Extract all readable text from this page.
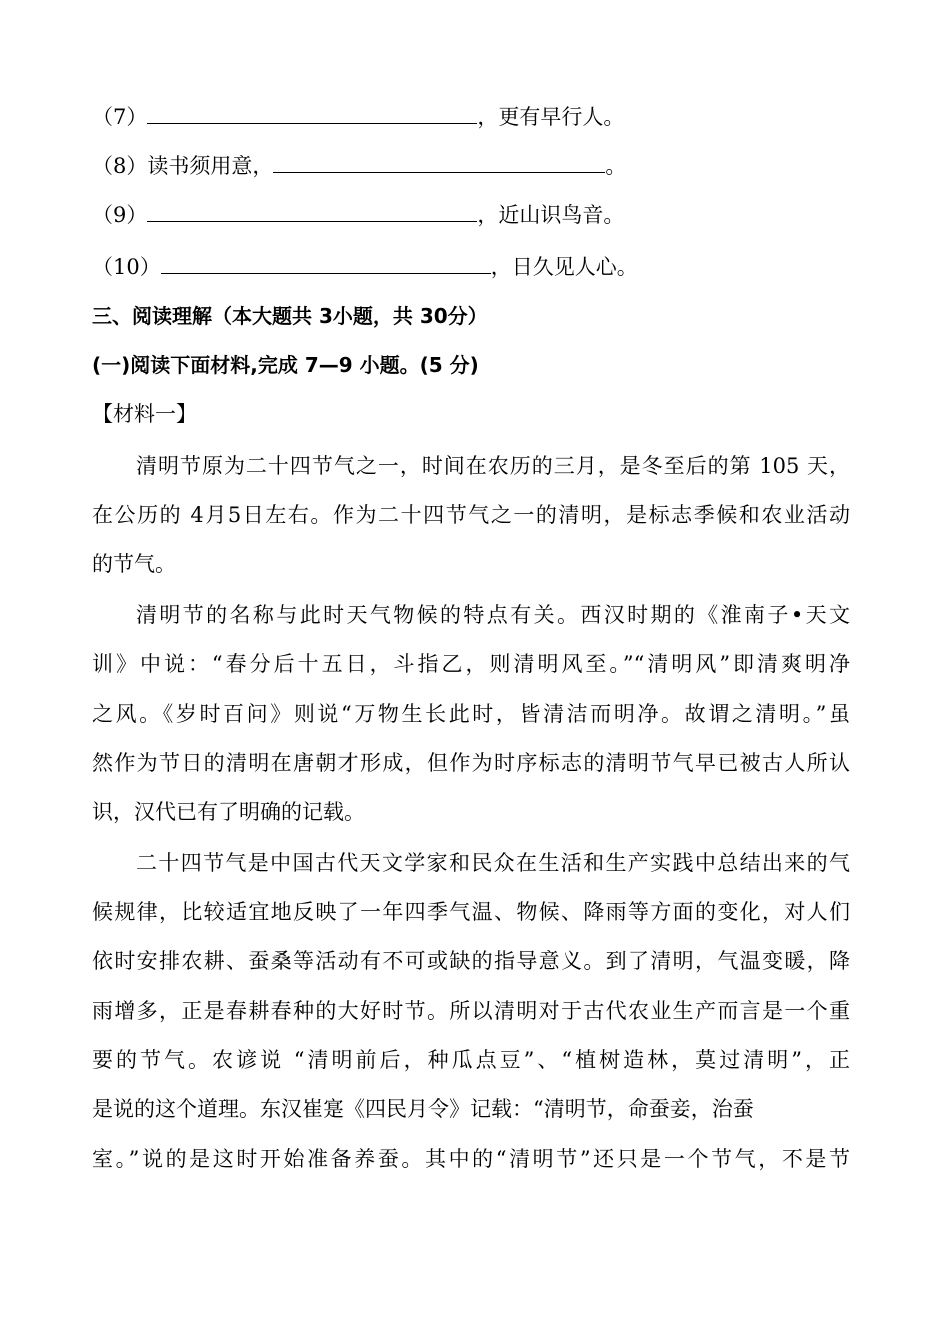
（7）	，更有早行人。
（8）读书须用意，	。
（9）	，近山识鸟音。
（10）	，日久见人心。
三、阅读理解（本大题共 3小题，共 30分）
(一)阅读下面材料,完成 7—9 小题。(5 分)
【材料一】
清明节原为二十四节气之一，时间在农历的三月，是冬至后的第 105 天，
在公历的 4月5日左右。作为二十四节气之一的清明，是标志季候和农业活动
的节气。
清明节的名称与此时天气物候的特点有关。西汉时期的《淮南子•天文
训》中说：“春分后十五日，斗指乙，则清明风至。”“清明风”即清爽明净
之风。《岁时百问》则说“万物生长此时，皆清洁而明净。故谓之清明。”虽
然作为节日的清明在唐朝才形成，但作为时序标志的清明节气早已被古人所认
识，汉代已有了明确的记载。
二十四节气是中国古代天文学家和民众在生活和生产实践中总结出来的气
候规律，比较适宜地反映了一年四季气温、物候、降雨等方面的变化，对人们
依时安排农耕、蚕桑等活动有不可或缺的指导意义。到了清明，气温变暖，降
雨增多，正是春耕春种的大好时节。所以清明对于古代农业生产而言是一个重
要的节气。农谚说 “清明前后，种瓜点豆”、“植树造林，莫过清明”，正
是说的这个道理。东汉崔寔《四民月令》记载：“清明节，命蚕妾，治蚕
室。”说的是这时开始准备养蚕。其中的“清明节”还只是一个节气，不是节
